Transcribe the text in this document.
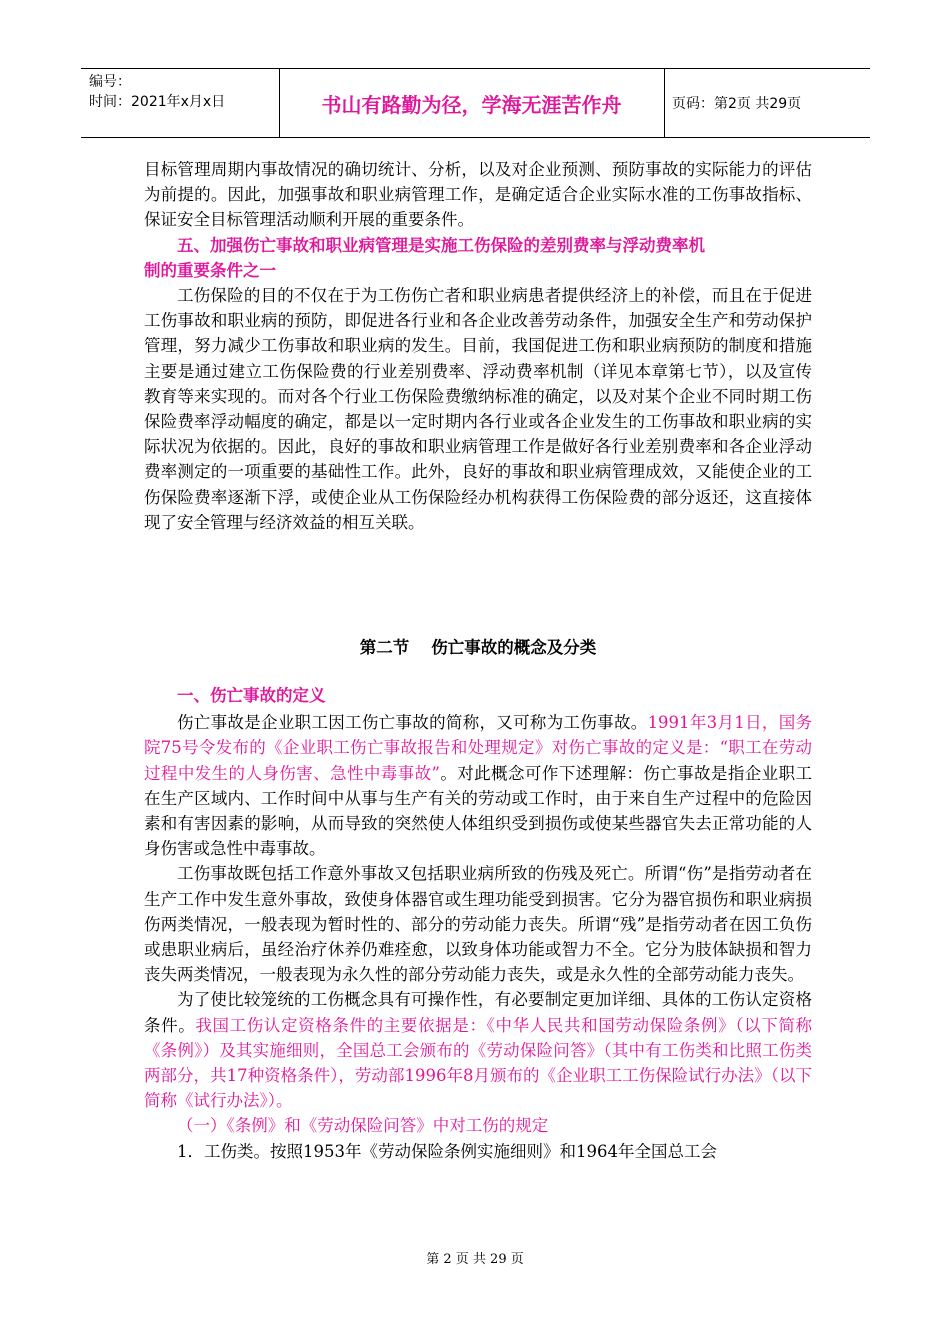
编号：
时间：2021年x月x日	书山有路勤为径，学海无涯苦作舟	页码：第2页 共29页

目标管理周期内事故情况的确切统计、分析，以及对企业预测、预防事故的实际能力的评估为前提的。因此，加强事故和职业病管理工作，是确定适合企业实际水准的工伤事故指标、保证安全目标管理活动顺利开展的重要条件。

五、加强伤亡事故和职业病管理是实施工伤保险的差别费率与浮动费率机
制的重要条件之一

工伤保险的目的不仅在于为工伤伤亡者和职业病患者提供经济上的补偿，而且在于促进工伤事故和职业病的预防，即促进各行业和各企业改善劳动条件，加强安全生产和劳动保护管理，努力减少工伤事故和职业病的发生。目前，我国促进工伤和职业病预防的制度和措施主要是通过建立工伤保险费的行业差别费率、浮动费率机制（详见本章第七节），以及宣传教育等来实现的。而对各个行业工伤保险费缴纳标准的确定，以及对某个企业不同时期工伤保险费率浮动幅度的确定，都是以一定时期内各行业或各企业发生的工伤事故和职业病的实际状况为依据的。因此，良好的事故和职业病管理工作是做好各行业差别费率和各企业浮动费率测定的一项重要的基础性工作。此外，良好的事故和职业病管理成效，又能使企业的工伤保险费率逐渐下浮，或使企业从工伤保险经办机构获得工伤保险费的部分返还，这直接体现了安全管理与经济效益的相互关联。

第二节 伤亡事故的概念及分类

一、伤亡事故的定义

伤亡事故是企业职工因工伤亡事故的简称，又可称为工伤事故。1991年3月1日，国务院75号令发布的《企业职工伤亡事故报告和处理规定》对伤亡事故的定义是：“职工在劳动过程中发生的人身伤害、急性中毒事故”。对此概念可作下述理解：伤亡事故是指企业职工在生产区域内、工作时间中从事与生产有关的劳动或工作时，由于来自生产过程中的危险因素和有害因素的影响，从而导致的突然使人体组织受到损伤或使某些器官失去正常功能的人身伤害或急性中毒事故。

工伤事故既包括工作意外事故又包括职业病所致的伤残及死亡。所谓“伤”是指劳动者在生产工作中发生意外事故，致使身体器官或生理功能受到损害。它分为器官损伤和职业病损伤两类情况，一般表现为暂时性的、部分的劳动能力丧失。所谓“残”是指劳动者在因工负伤或患职业病后，虽经治疗休养仍难痊愈，以致身体功能或智力不全。它分为肢体缺损和智力丧失两类情况，一般表现为永久性的部分劳动能力丧失，或是永久性的全部劳动能力丧失。

为了使比较笼统的工伤概念具有可操作性，有必要制定更加详细、具体的工伤认定资格条件。我国工伤认定资格条件的主要依据是：《中华人民共和国劳动保险条例》（以下简称《条例》）及其实施细则，全国总工会颁布的《劳动保险问答》（其中有工伤类和比照工伤类两部分，共17种资格条件），劳动部1996年8月颁布的《企业职工工伤保险试行办法》（以下简称《试行办法》）。

（一）《条例》和《劳动保险问答》中对工伤的规定

1．工伤类。按照1953年《劳动保险条例实施细则》和1964年全国总工会

第 2 页 共 29 页
